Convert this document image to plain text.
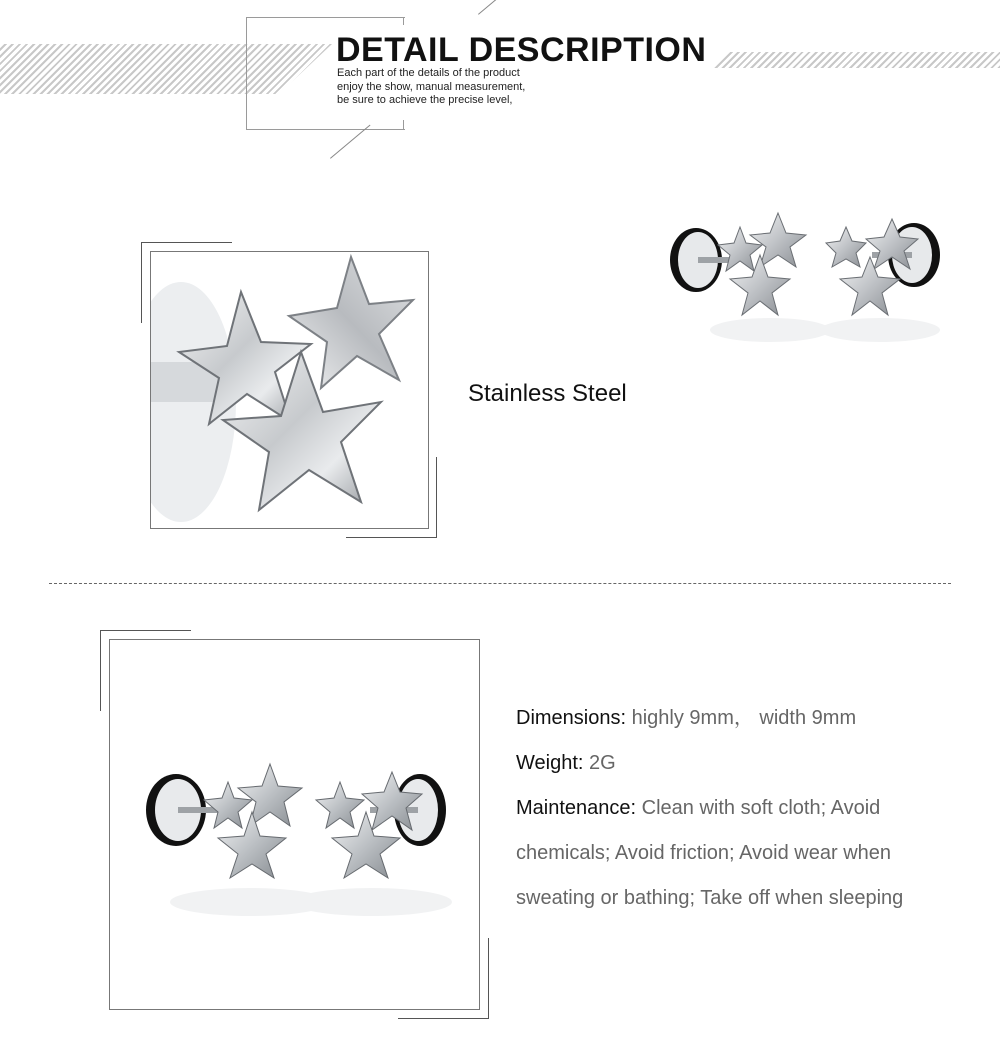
DETAIL DESCRIPTION
Each part of the details of the product
enjoy the show, manual measurement,
be sure to achieve the precise level,
Stainless Steel
Dimensions: highly 9mm， width 9mm
Weight: 2G
Maintenance: Clean with soft cloth; Avoid chemicals; Avoid friction; Avoid wear when sweating or bathing; Take off when sleeping
